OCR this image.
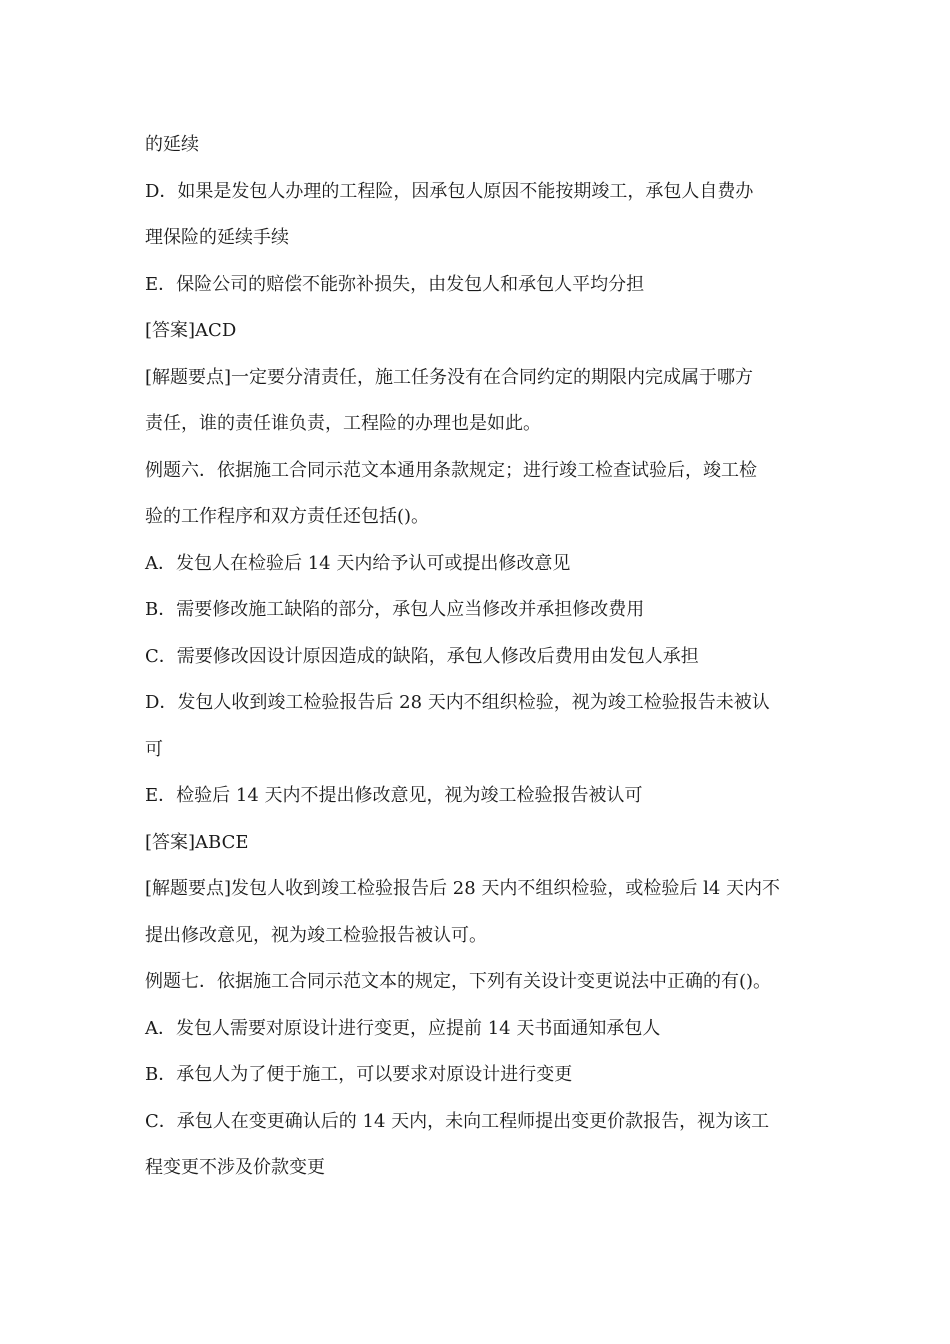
的延续

D．如果是发包人办理的工程险，因承包人原因不能按期竣工，承包人自费办

理保险的延续手续

E．保险公司的赔偿不能弥补损失，由发包人和承包人平均分担

[答案]ACD

[解题要点]一定要分清责任，施工任务没有在合同约定的期限内完成属于哪方

责任，谁的责任谁负责，工程险的办理也是如此。

例题六．依据施工合同示范文本通用条款规定；进行竣工检查试验后，竣工检

验的工作程序和双方责任还包括()。

A．发包人在检验后 14 天内给予认可或提出修改意见

B．需要修改施工缺陷的部分，承包人应当修改并承担修改费用

C．需要修改因设计原因造成的缺陷，承包人修改后费用由发包人承担

D．发包人收到竣工检验报告后 28 天内不组织检验，视为竣工检验报告未被认

可

E．检验后 14 天内不提出修改意见，视为竣工检验报告被认可

[答案]ABCE

[解题要点]发包人收到竣工检验报告后 28 天内不组织检验，或检验后 l4 天内不

提出修改意见，视为竣工检验报告被认可。

例题七．依据施工合同示范文本的规定，下列有关设计变更说法中正确的有()。

A．发包人需要对原设计进行变更，应提前 14 天书面通知承包人

B．承包人为了便于施工，可以要求对原设计进行变更

C．承包人在变更确认后的 14 天内，未向工程师提出变更价款报告，视为该工

程变更不涉及价款变更
